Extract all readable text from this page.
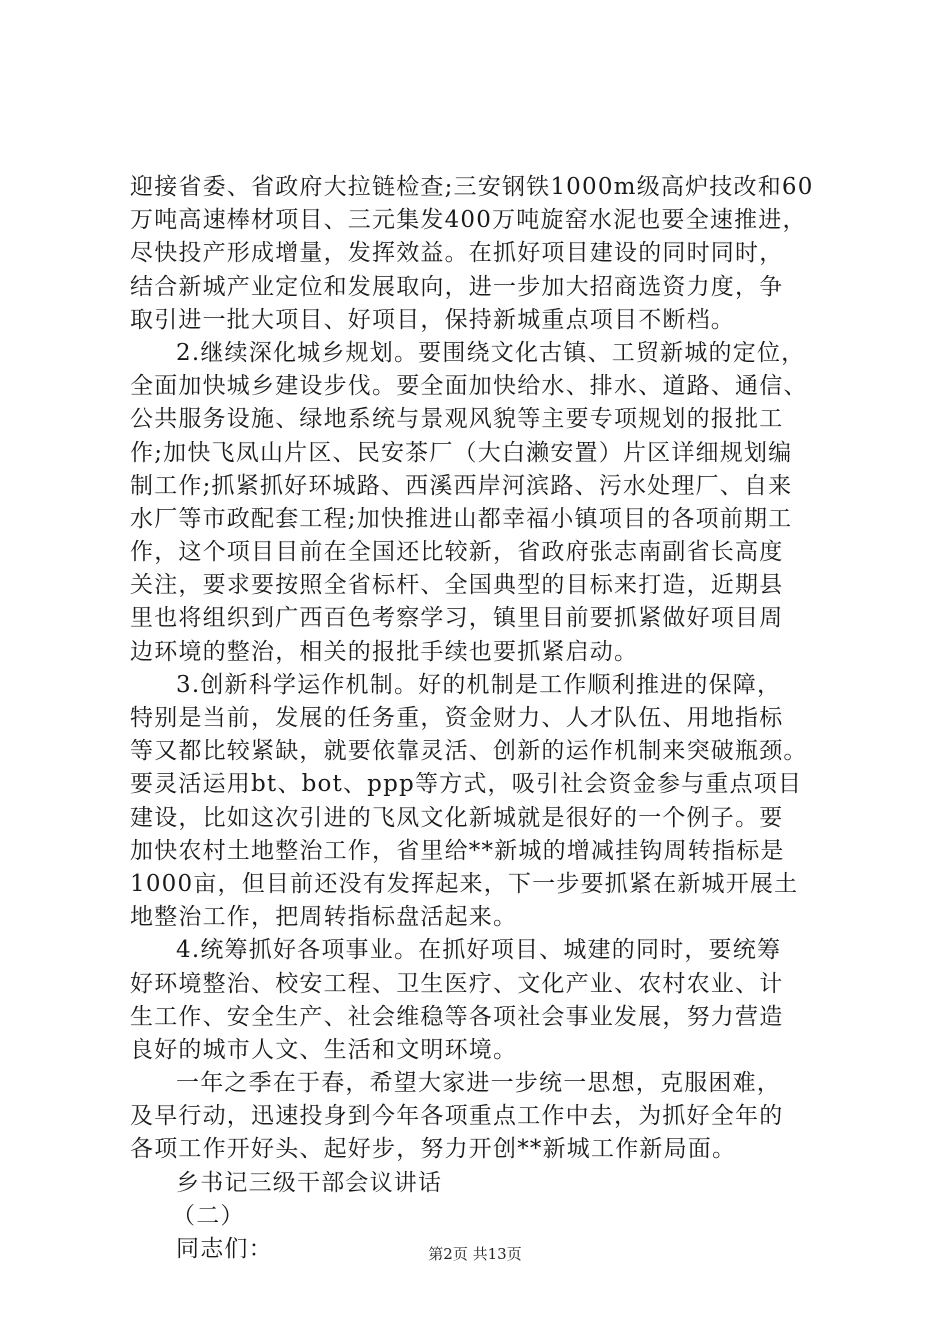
迎接省委、省政府大拉链检查;三安钢铁1000m级高炉技改和60
万吨高速棒材项目、三元集发400万吨旋窑水泥也要全速推进，
尽快投产形成增量，发挥效益。在抓好项目建设的同时同时，
结合新城产业定位和发展取向，进一步加大招商选资力度，争
取引进一批大项目、好项目，保持新城重点项目不断档。
2.继续深化城乡规划。要围绕文化古镇、工贸新城的定位，
全面加快城乡建设步伐。要全面加快给水、排水、道路、通信、
公共服务设施、绿地系统与景观风貌等主要专项规划的报批工
作;加快飞凤山片区、民安茶厂（大白濑安置）片区详细规划编
制工作;抓紧抓好环城路、西溪西岸河滨路、污水处理厂、自来
水厂等市政配套工程;加快推进山都幸福小镇项目的各项前期工
作，这个项目目前在全国还比较新，省政府张志南副省长高度
关注，要求要按照全省标杆、全国典型的目标来打造，近期县
里也将组织到广西百色考察学习，镇里目前要抓紧做好项目周
边环境的整治，相关的报批手续也要抓紧启动。
3.创新科学运作机制。好的机制是工作顺利推进的保障，
特别是当前，发展的任务重，资金财力、人才队伍、用地指标
等又都比较紧缺，就要依靠灵活、创新的运作机制来突破瓶颈。
要灵活运用bt、bot、ppp等方式，吸引社会资金参与重点项目
建设，比如这次引进的飞凤文化新城就是很好的一个例子。要
加快农村土地整治工作，省里给**新城的增减挂钩周转指标是
1000亩，但目前还没有发挥起来，下一步要抓紧在新城开展土
地整治工作，把周转指标盘活起来。
4.统筹抓好各项事业。在抓好项目、城建的同时，要统筹
好环境整治、校安工程、卫生医疗、文化产业、农村农业、计
生工作、安全生产、社会维稳等各项社会事业发展，努力营造
良好的城市人文、生活和文明环境。
一年之季在于春，希望大家进一步统一思想，克服困难，
及早行动，迅速投身到今年各项重点工作中去，为抓好全年的
各项工作开好头、起好步，努力开创**新城工作新局面。
乡书记三级干部会议讲话
（二）
同志们：	第2页 共13页
